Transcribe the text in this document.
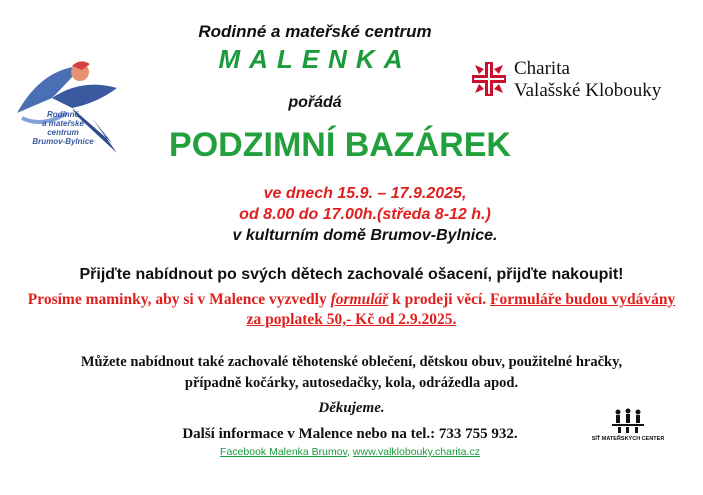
Malenka
Rodinné
a mateřské centrum
Brumov-Bylnice
Rodinné a mateřské centrum
MALENKA
pořádá
Charita
Valašské Klobouky
PODZIMNÍ BAZÁREK
ve dnech 15.9. – 17.9.2025,
od 8.00 do 17.00h.(středa 8-12 h.)
v kulturním domě Brumov-Bylnice.
Přijďte nabídnout po svých dětech zachovalé ošacení, přijďte nakoupit!
Prosíme maminky, aby si v Malence vyzvedly formulář k prodeji věcí. Formuláře budou vydávány za poplatek 50,- Kč od 2.9.2025.
Můžete nabídnout také zachovalé těhotenské oblečení, dětskou obuv, použitelné hračky,
případně kočárky, autosedačky, kola, odrážedla apod.
Děkujeme.
Další informace v Malence nebo na tel.: 733 755 932.
Facebook Malenka Brumov, www.valklobouky.charita.cz
SÍŤ MATEŘSKÝCH CENTER
